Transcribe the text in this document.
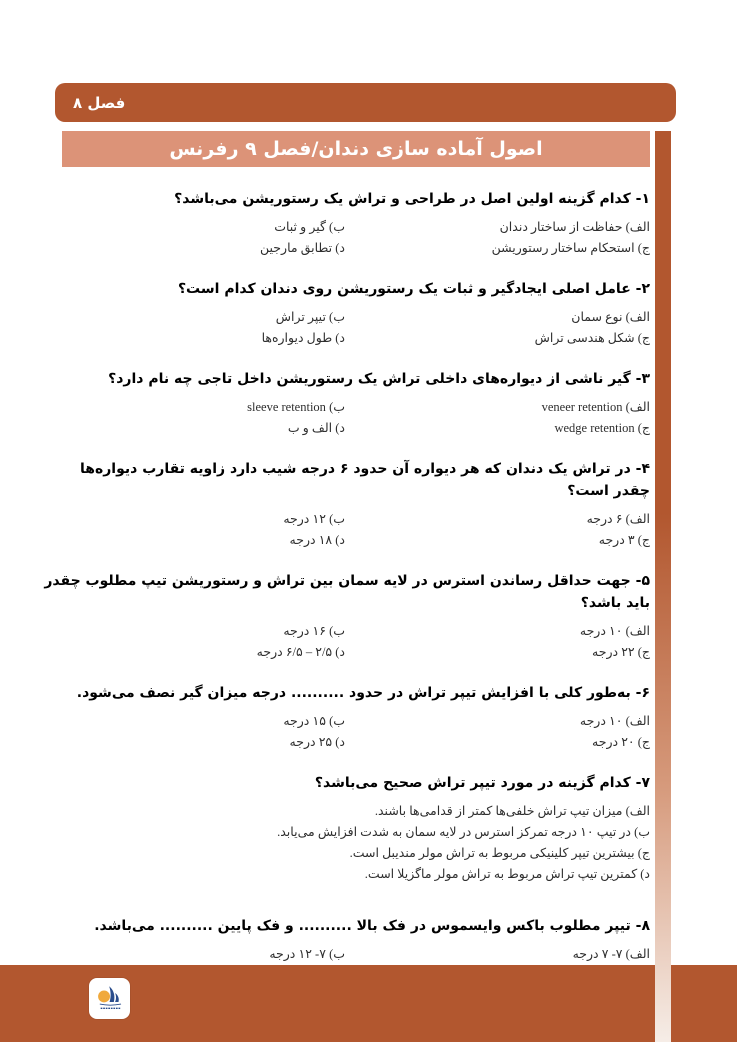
فصل ۸
اصول آماده سازی دندان/فصل ۹ رفرنس
۱- کدام گزینه اولین اصل در طراحی و تراش یک رستوریشن می‌باشد؟
الف) حفاظت از ساختار دندان
ب) گیر و ثبات
ج) استحکام ساختار رستوریشن
د) تطابق مارجین
۲- عامل اصلی ایجادگیر و ثبات یک رستوریشن روی دندان کدام است؟
الف) نوع سمان
ب) تیپر تراش
ج) شکل هندسی تراش
د) طول دیواره‌ها
۳- گیر ناشی از دیواره‌های داخلی تراش یک رستوریشن داخل تاجی چه نام دارد؟
الف) veneer retention
ب) sleeve retention
ج) wedge retention
د) الف و ب
۴- در تراش یک دندان که هر دیواره آن حدود ۶ درجه شیب دارد زاویه تقارب دیواره‌ها چقدر است؟
الف) ۶ درجه
ب) ۱۲ درجه
ج) ۳ درجه
د) ۱۸ درجه
۵- جهت حداقل رساندن استرس در لایه سمان بین تراش و رستوریشن تیپ مطلوب چقدر باید باشد؟
الف) ۱۰ درجه
ب) ۱۶ درجه
ج) ۲۲ درجه
د) ۲/۵ – ۶/۵ درجه
۶- به‌طور کلی با افزایش تیپر تراش در حدود .......... درجه میزان گیر نصف می‌شود.
الف) ۱۰ درجه
ب) ۱۵ درجه
ج) ۲۰ درجه
د) ۲۵ درجه
۷- کدام گزینه در مورد تیپر تراش صحیح می‌باشد؟
الف) میزان تیپ تراش خلفی‌ها کمتر از قدامی‌ها باشند.
ب) در تیپ ۱۰ درجه تمرکز استرس در لایه سمان به شدت افزایش می‌یابد.
ج) بیشترین تیپر کلینیکی مربوط به تراش مولر مندیبل است.
د) کمترین تیپ تراش مربوط به تراش مولر ماگزیلا است.
۸- تیپر مطلوب باکس وایسموس در فک بالا .......... و فک پایین .......... می‌باشد.
الف) ۷- ۷ درجه
ب) ۷- ۱۲ درجه
